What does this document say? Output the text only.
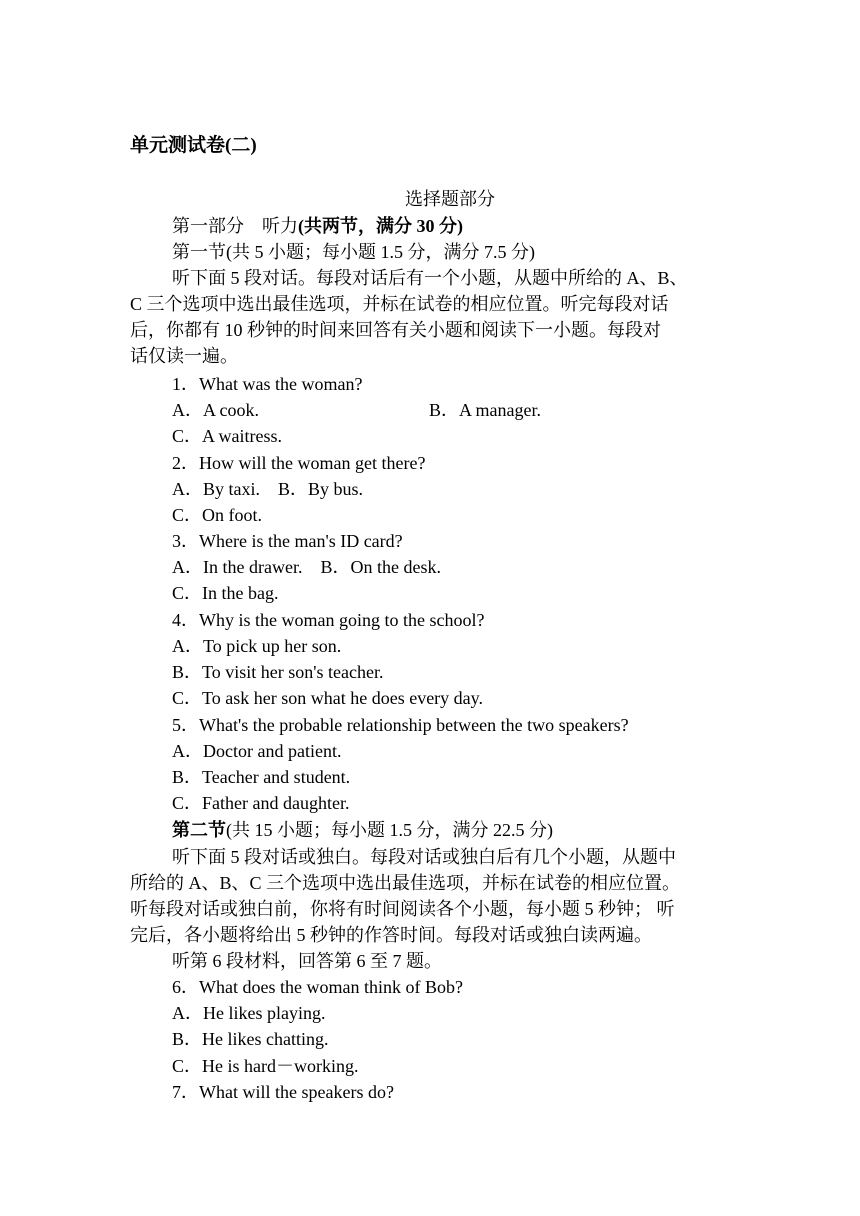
单元测试卷(二)
选择题部分
第一部分　听力(共两节，满分 30 分)
第一节(共 5 小题；每小题 1.5 分，满分 7.5 分)
听下面 5 段对话。每段对话后有一个小题，从题中所给的 A、B、
C 三个选项中选出最佳选项，并标在试卷的相应位置。听完每段对话
后，你都有 10 秒钟的时间来回答有关小题和阅读下一小题。每段对
话仅读一遍。
1．What was the woman?
A．A cook.	B．A manager.
C．A waitress.
2．How will the woman get there?
A．By taxi.　B．By bus.
C．On foot.
3．Where is the man's ID card?
A．In the drawer.　B．On the desk.
C．In the bag.
4．Why is the woman going to the school?
A．To pick up her son.
B．To visit her son's teacher.
C．To ask her son what he does every day.
5．What's the probable relationship between the two speakers?
A．Doctor and patient.
B．Teacher and student.
C．Father and daughter.
第二节(共 15 小题；每小题 1.5 分，满分 22.5 分)
听下面 5 段对话或独白。每段对话或独白后有几个小题，从题中
所给的 A、B、C 三个选项中选出最佳选项，并标在试卷的相应位置。
听每段对话或独白前，你将有时间阅读各个小题，每小题 5 秒钟； 听
完后，各小题将给出 5 秒钟的作答时间。每段对话或独白读两遍。
听第 6 段材料，回答第 6 至 7 题。
6．What does the woman think of Bob?
A．He likes playing.
B．He likes chatting.
C．He is hard－working.
7．What will the speakers do?
